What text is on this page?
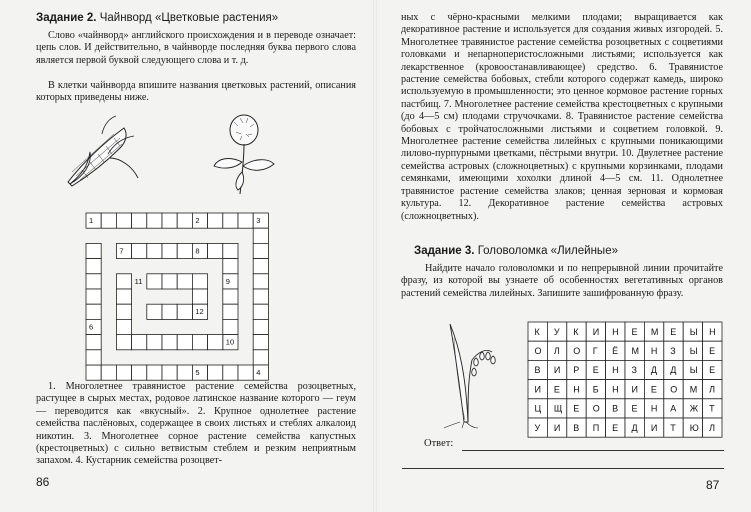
Задание 2. Чайнворд «Цветковые растения»
Слово «чайнворд» английского происхождения и в переводе означает: цепь слов. И действительно, в чайнворде последняя буква первого слова является первой буквой следующего слова и т. д.
В клетки чайнворда впишите названия цветковых растений, описания которых приведены ниже.
1	2	3
4
5
6
7	8
9
10
11
12
1. Многолетнее травянистое растение семейства розоцветных, растущее в сырых местах, родовое латинское название которого — геум — переводится как «вкусный». 2. Крупное однолетнее растение семейства паслёновых, содержащее в своих листьях и стеблях алкалоид никотин. 3. Многолетнее сорное растение семейства капустных (крестоцветных) с сильно ветвистым стеблем и резким неприятным запахом. 4. Кустарник семейства розоцвет-
86
ных с чёрно-красными мелкими плодами; выращивается как декоративное растение и используется для создания живых изгородей. 5. Многолетнее травянистое растение семейства розоцветных с соцветиями головками и непарноперистосложными листьями; используется как лекарственное (кровоостанавливающее) средство. 6. Травянистое растение семейства бобовых, стебли которого содержат камедь, широко используемую в промышленности; это ценное кормовое растение горных пастбищ. 7. Многолетнее растение семейства крестоцветных с крупными (до 4—5 см) плодами стручочками. 8. Травянистое растение семейства бобовых с тройчатосложными листьями и соцветием головкой. 9. Многолетнее растение семейства лилейных с крупными поникающими лилово-пурпурными цветками, пёстрыми внутри. 10. Двулетнее растение семейства астровых (сложноцветных) с крупными корзинками, плодами семянками, имеющими хохолки длиной 4—5 см. 11. Однолетнее травянистое растение семейства злаков; ценная зерновая и кормовая культура. 12. Декоративное растение семейства астровых (сложноцветных).
Задание 3. Головоломка «Лилейные»
Найдите начало головоломки и по непрерывной линии прочитайте фразу, из которой вы узнаете об особенностях вегетативных органов растений семейства лилейных. Запишите зашифрованную фразу.
К У К И Н Е М Е Ы Н
О Л О Г Ё М Н З Ы Е
В И Р Е Н З Д Д Ы Е
И Е Н Б Н И Е О М Л
Ц Щ Е О В Е Н А Ж Т
У И В П Е Д И Т Ю Л
Ответ:
87
